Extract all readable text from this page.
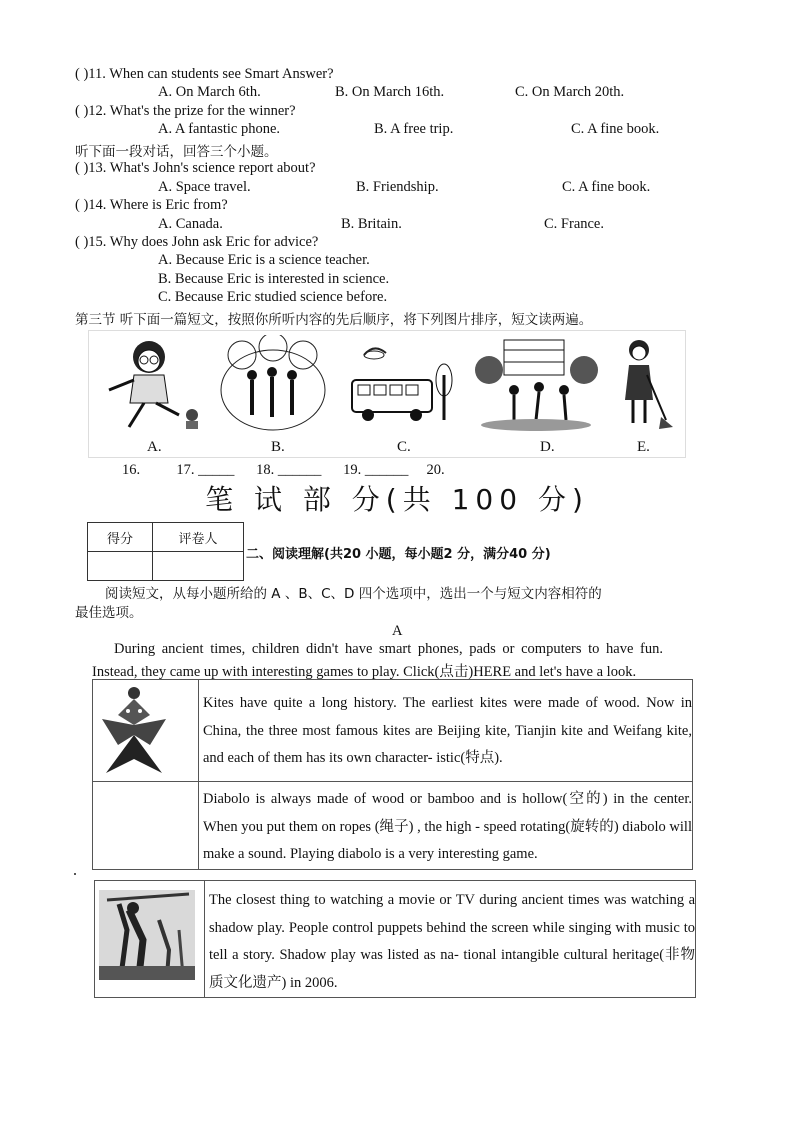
( )11. When can students see Smart Answer?
A. On March 6th.	B. On March 16th.	C. On March 20th.
( )12. What's the prize for the winner?
A. A fantastic phone.	B. A free trip.	C. A fine book.
听下面一段对话，回答三个小题。
( )13. What's John's science report about?
A. Space travel.	B. Friendship.	C. A fine book.
( )14. Where is Eric from?
A. Canada.	B. Britain.	C. France.
( )15. Why does John ask Eric for advice?
A. Because Eric is a science teacher.
B. Because Eric is interested in science.
C. Because Eric studied science before.
第三节 听下面一篇短文，按照你所听内容的先后顺序，将下列图片排序，短文读两遍。
A.	B.	C.	D.	E.
16.          17. _____      18. ______      19. ______     20.
笔 试 部 分(共 100 分)
得分	评卷人

二、阅读理解(共20 小题，每小题2 分，满分40 分)
阅读短文，从每小题所给的 A 、B、C、D 四个选项中，选出一个与短文内容相符的
最佳选项。
A
During ancient times, children didn't have smart phones, pads or computers to have fun.
Instead, they came up with interesting games to play. Click(点击)HERE and let's have a look.
	Kites have quite a long history. The earliest kites were made of wood. Now in China, the three most famous kites are Beijing kite, Tianjin kite and Weifang kite, and each of them has its own character- istic(特点).
	Diabolo is always made of wood or bamboo and is hollow(空的) in the center. When you put them on ropes (绳子) , the high - speed rotating(旋转的) diabolo will make a sound. Playing diabolo is a very interesting game.
	The closest thing to watching a movie or TV during ancient times was watching a shadow play. People control puppets behind the screen while singing with music to tell a story. Shadow play was listed as na- tional intangible cultural heritage(非物质文化遗产) in 2006.
